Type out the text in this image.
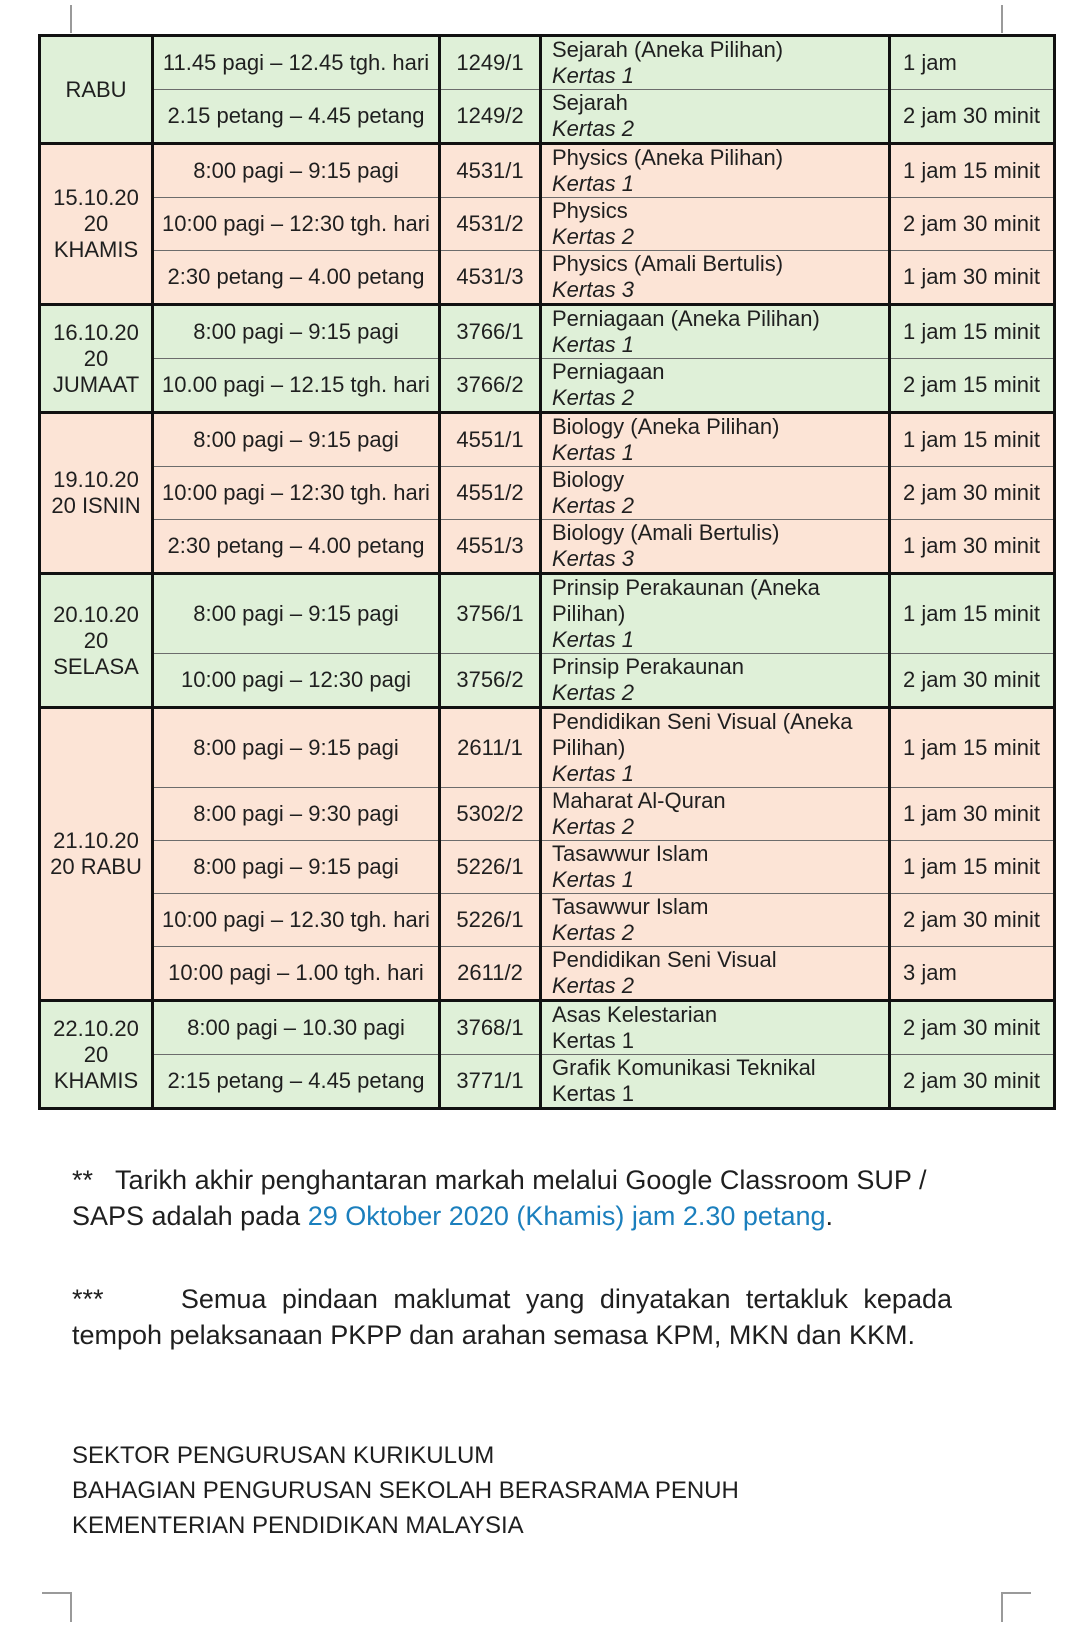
RABU	11.45 pagi – 12.45 tgh. hari	1249/1	Sejarah (Aneka Pilihan)
Kertas 1	1 jam
	2.15 petang – 4.45 petang	1249/2	Sejarah
Kertas 2	2 jam 30 minit
15.10.20 20 KHAMIS	8:00 pagi – 9:15 pagi	4531/1	Physics (Aneka Pilihan)
Kertas 1	1 jam 15 minit
	10:00 pagi – 12:30 tgh. hari	4531/2	Physics
Kertas 2	2 jam 30 minit
	2:30 petang – 4.00 petang	4531/3	Physics (Amali Bertulis)
Kertas 3	1 jam 30 minit
16.10.20 20 JUMAAT	8:00 pagi – 9:15 pagi	3766/1	Perniagaan (Aneka Pilihan)
Kertas 1	1 jam 15 minit
	10.00 pagi – 12.15 tgh. hari	3766/2	Perniagaan
Kertas 2	2 jam 15 minit
19.10.20 20 ISNIN	8:00 pagi – 9:15 pagi	4551/1	Biology (Aneka Pilihan)
Kertas 1	1 jam 15 minit
	10:00 pagi – 12:30 tgh. hari	4551/2	Biology
Kertas 2	2 jam 30 minit
	2:30 petang – 4.00 petang	4551/3	Biology (Amali Bertulis)
Kertas 3	1 jam 30 minit
20.10.20 20 SELASA	8:00 pagi – 9:15 pagi	3756/1	Prinsip Perakaunan (Aneka Pilihan)
Kertas 1	1 jam 15 minit
	10:00 pagi – 12:30 pagi	3756/2	Prinsip Perakaunan
Kertas 2	2 jam 30 minit
21.10.20 20 RABU	8:00 pagi – 9:15 pagi	2611/1	Pendidikan Seni Visual (Aneka Pilihan)
Kertas 1	1 jam 15 minit
	8:00 pagi – 9:30 pagi	5302/2	Maharat Al-Quran
Kertas 2	1 jam 30 minit
	8:00 pagi – 9:15 pagi	5226/1	Tasawwur Islam
Kertas 1	1 jam 15 minit
	10:00 pagi – 12.30 tgh. hari	5226/1	Tasawwur Islam
Kertas 2	2 jam 30 minit
	10:00 pagi – 1.00 tgh. hari	2611/2	Pendidikan Seni Visual
Kertas 2	3 jam
22.10.20 20 KHAMIS	8:00 pagi – 10.30 pagi	3768/1	Asas Kelestarian
Kertas 1	2 jam 30 minit
	2:15 petang – 4.45 petang	3771/1	Grafik Komunikasi Teknikal
Kertas 1	2 jam 30 minit
** Tarikh akhir penghantaran markah melalui Google Classroom SUP / SAPS adalah pada 29 Oktober 2020 (Khamis) jam 2.30 petang.
***	Semua pindaan maklumat yang dinyatakan tertakluk kepada tempoh pelaksanaan PKPP dan arahan semasa KPM, MKN dan KKM.
SEKTOR PENGURUSAN KURIKULUM
BAHAGIAN PENGURUSAN SEKOLAH BERASRAMA PENUH
KEMENTERIAN PENDIDIKAN MALAYSIA
